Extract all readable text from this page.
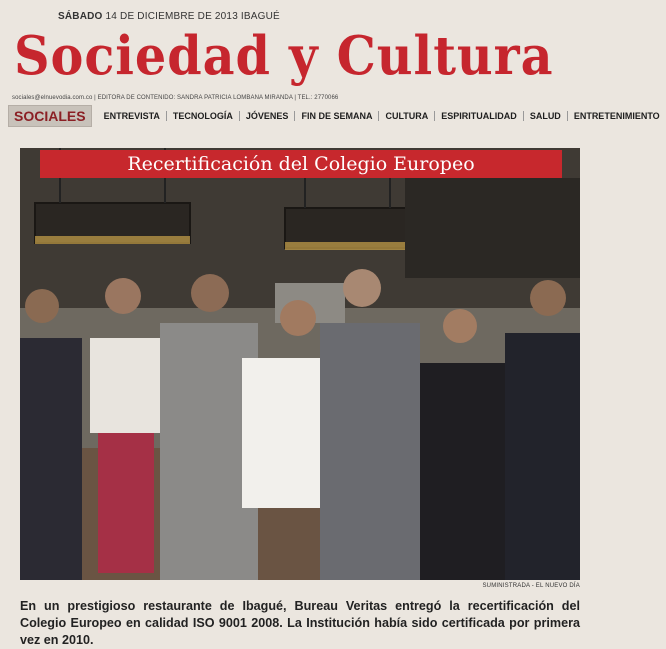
SÁBADO 14 DE DICIEMBRE DE 2013 IBAGUÉ
Sociedad y Cultura
sociales@elnuevodia.com.co | EDITORA DE CONTENIDO: SANDRA PATRICIA LOMBANA MIRANDA | TEL.: 2770066
SOCIALES	ENTREVISTA	TECNOLOGÍA	JÓVENES	FIN DE SEMANA	CULTURA	ESPIRITUALIDAD	SALUD	ENTRETENIMIENTO
Recertificación del Colegio Europeo
SUMINISTRADA - EL NUEVO DÍA
En un prestigioso restaurante de Ibagué, Bureau Veritas entregó la recertificación del Colegio Europeo en calidad ISO 9001 2008. La Institución había sido certificada por primera vez en 2010.
